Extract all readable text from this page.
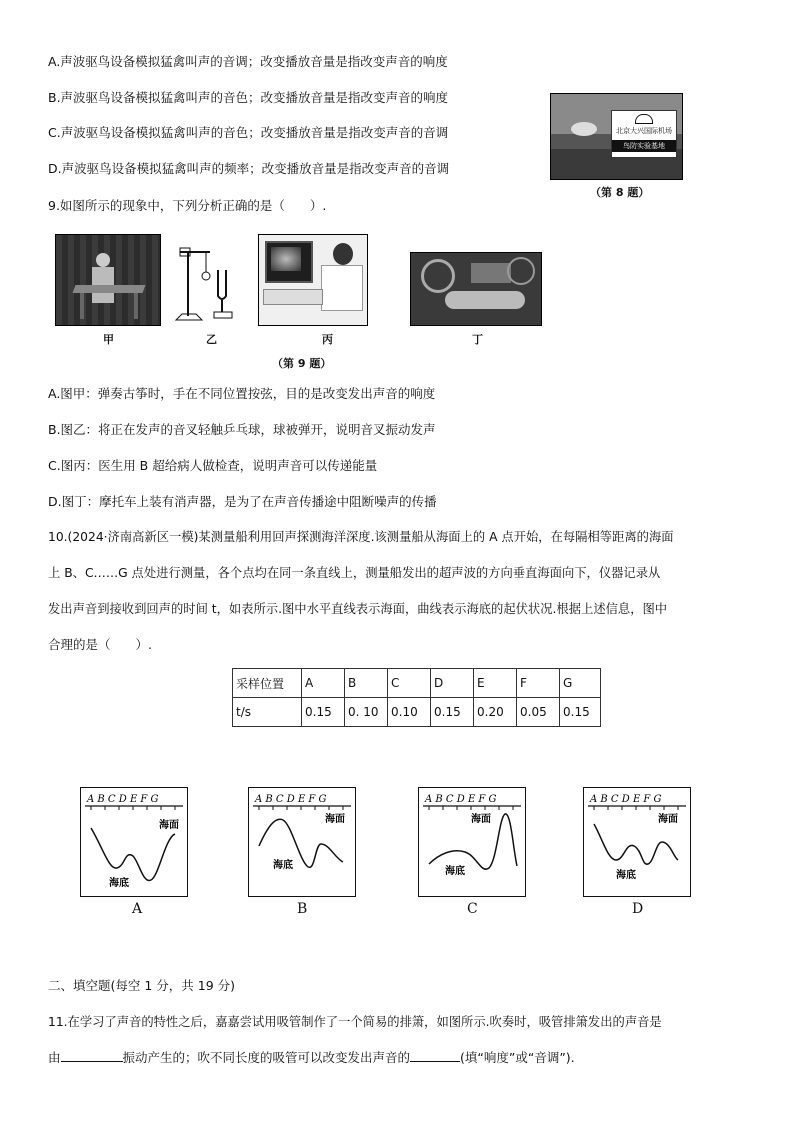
A.声波驱鸟设备模拟猛禽叫声的音调；改变播放音量是指改变声音的响度
B.声波驱鸟设备模拟猛禽叫声的音色；改变播放音量是指改变声音的响度
C.声波驱鸟设备模拟猛禽叫声的音色；改变播放音量是指改变声音的音调
D.声波驱鸟设备模拟猛禽叫声的频率；改变播放音量是指改变声音的音调
北京大兴国际机场
鸟防实验基地
（第 8 题）
9.如图所示的现象中，下列分析正确的是（　　）.
甲	乙	丙	丁
（第 9 题）
A.图甲：弹奏古筝时，手在不同位置按弦，目的是改变发出声音的响度
B.图乙：将正在发声的音叉轻触乒乓球，球被弹开，说明音叉振动发声
C.图丙：医生用 B 超给病人做检查，说明声音可以传递能量
D.图丁：摩托车上装有消声器，是为了在声音传播途中阻断噪声的传播
10.(2024·济南高新区一模)某测量船利用回声探测海洋深度.该测量船从海面上的 A 点开始，在每隔相等距离的海面
上 B、C……G 点处进行测量，各个点均在同一条直线上，测量船发出的超声波的方向垂直海面向下，仪器记录从
发出声音到接收到回声的时间 t，如表所示.图中水平直线表示海面，曲线表示海底的起伏状况.根据上述信息，图中
合理的是（　　）.
采样位置	A	B	C	D	E	F	G
t/s	0.15	0. 10	0.10	0.15	0.20	0.05	0.15
A B C D E F G
海面
海底
A B C D E F G
海面
海底
A B C D E F G
海面
海底
A B C D E F G
海面
海底
A	B	C	D
二、填空题(每空 1 分，共 19 分)
11.在学习了声音的特性之后，嘉嘉尝试用吸管制作了一个简易的排箫，如图所示.吹奏时，吸管排箫发出的声音是
由	振动产生的；吹不同长度的吸管可以改变发出声音的	(填“响度”或“音调”).
